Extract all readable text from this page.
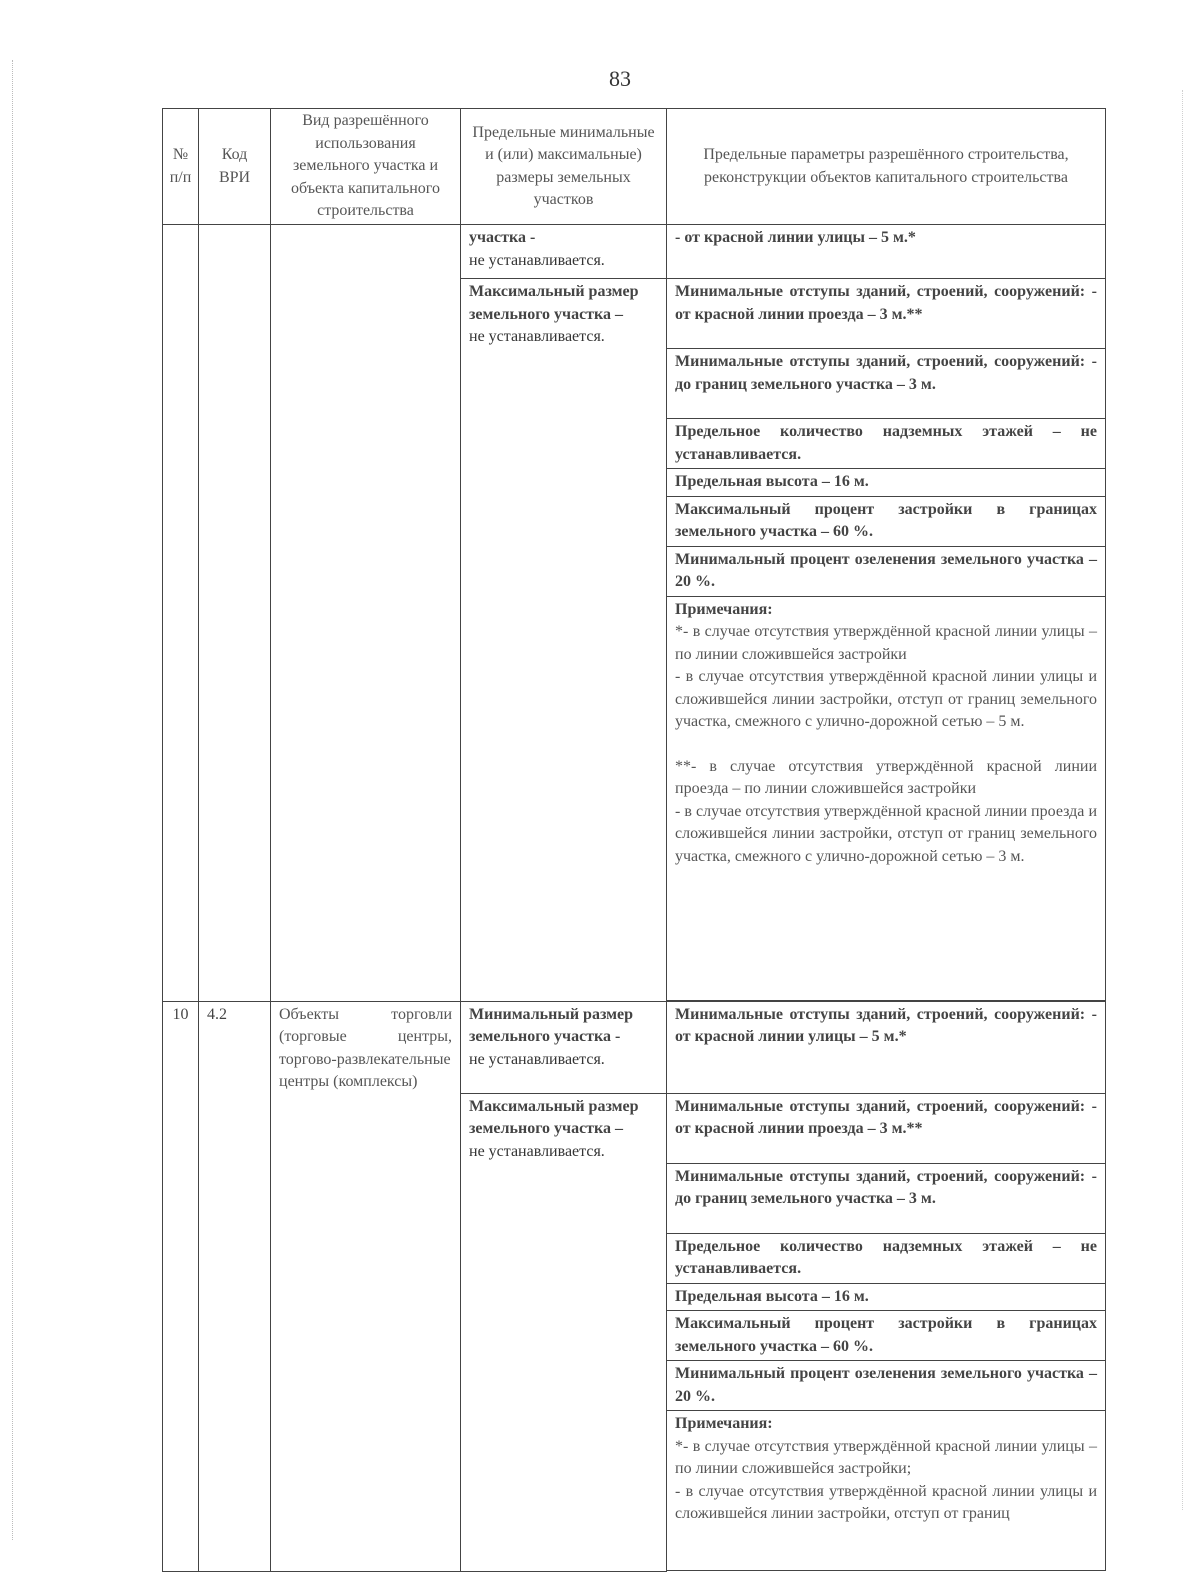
83
№ п/п	Код ВРИ	Вид разрешённого использования земельного участка и объекта капитального строительства	Предельные минимальные и (или) максимальные) размеры земельных участков	Предельные параметры разрешённого строительства, реконструкции объектов капитального строительства
			участка -
не устанавливается.	- от красной линии улицы – 5 м.*
			Максимальный размер земельного участка –
не устанавливается.	Минимальные отступы зданий, строений, сооружений: - от красной линии проезда – 3 м.**
				Минимальные отступы зданий, строений, сооружений: - до границ земельного участка – 3 м.
				Предельное количество надземных этажей – не устанавливается.
				Предельная высота – 16 м.
				Максимальный процент застройки в границах земельного участка – 60 %.
				Минимальный процент озеленения земельного участка – 20 %.

				Примечания:
*- в случае отсутствия утверждённой красной линии улицы – по линии сложившейся застройки
- в случае отсутствия утверждённой красной линии улицы и сложившейся линии застройки, отступ от границ земельного участка, смежного с улично-дорожной сетью – 5 м.
**- в случае отсутствия утверждённой красной линии проезда – по линии сложившейся застройки
- в случае отсутствия утверждённой красной линии проезда и сложившейся линии застройки, отступ от границ земельного участка, смежного с улично-дорожной сетью – 3 м.

10	4.2	Объекты торговли (торговые центры, торгово-развлекательные центры (комплексы)	Минимальный размер земельного участка -
не устанавливается.	Минимальные отступы зданий, строений, сооружений: - от красной линии улицы – 5 м.*
			Максимальный размер земельного участка –
не устанавливается.	Минимальные отступы зданий, строений, сооружений: - от красной линии проезда – 3 м.**
				Минимальные отступы зданий, строений, сооружений: - до границ земельного участка – 3 м.
				Предельное количество надземных этажей – не устанавливается.
				Предельная высота – 16 м.
				Максимальный процент застройки в границах земельного участка – 60 %.
				Минимальный процент озеленения земельного участка – 20 %.

				Примечания:
*- в случае отсутствия утверждённой красной линии улицы – по линии сложившейся застройки;
- в случае отсутствия утверждённой красной линии улицы и сложившейся линии застройки, отступ от границ
